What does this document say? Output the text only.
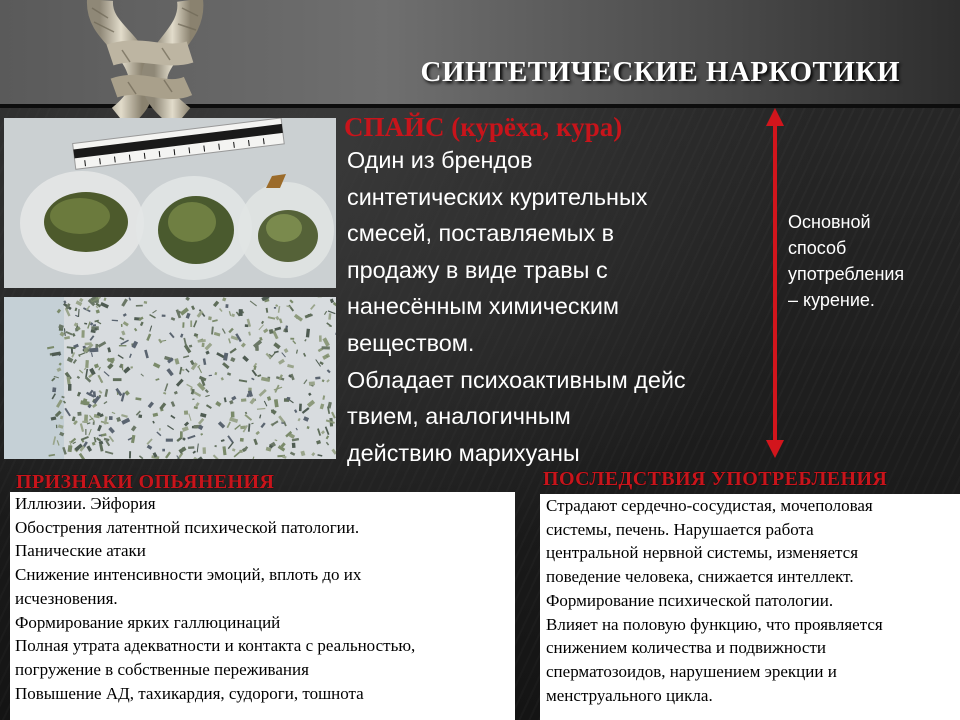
СИНТЕТИЧЕСКИЕ НАРКОТИКИ
СПАЙС (курёха, кура)
Один из брендов
синтетических курительных
смесей, поставляемых в
продажу в виде травы с
нанесённым химическим
веществом.
Обладает психоактивным дейс
твием, аналогичным
действию марихуаны
Основной
способ
употребления
– курение.
Иллюзии. Эйфория
Обострения латентной психической патологии.
Панические атаки
Снижение интенсивности эмоций, вплоть до их
исчезновения.
Формирование ярких галлюцинаций
Полная утрата адекватности и контакта с реальностью,
погружение в собственные переживания
Повышение АД, тахикардия, судороги, тошнота
ПРИЗНАКИ ОПЬЯНЕНИЯ
Страдают сердечно-сосудистая, мочеполовая
системы, печень. Нарушается работа
центральной нервной системы, изменяется
поведение человека, снижается интеллект.
Формирование психической патологии.
Влияет на половую функцию, что проявляется
снижением количества и подвижности
сперматозоидов, нарушением эрекции и
менструального цикла.
ПОСЛЕДСТВИЯ УПОТРЕБЛЕНИЯ
